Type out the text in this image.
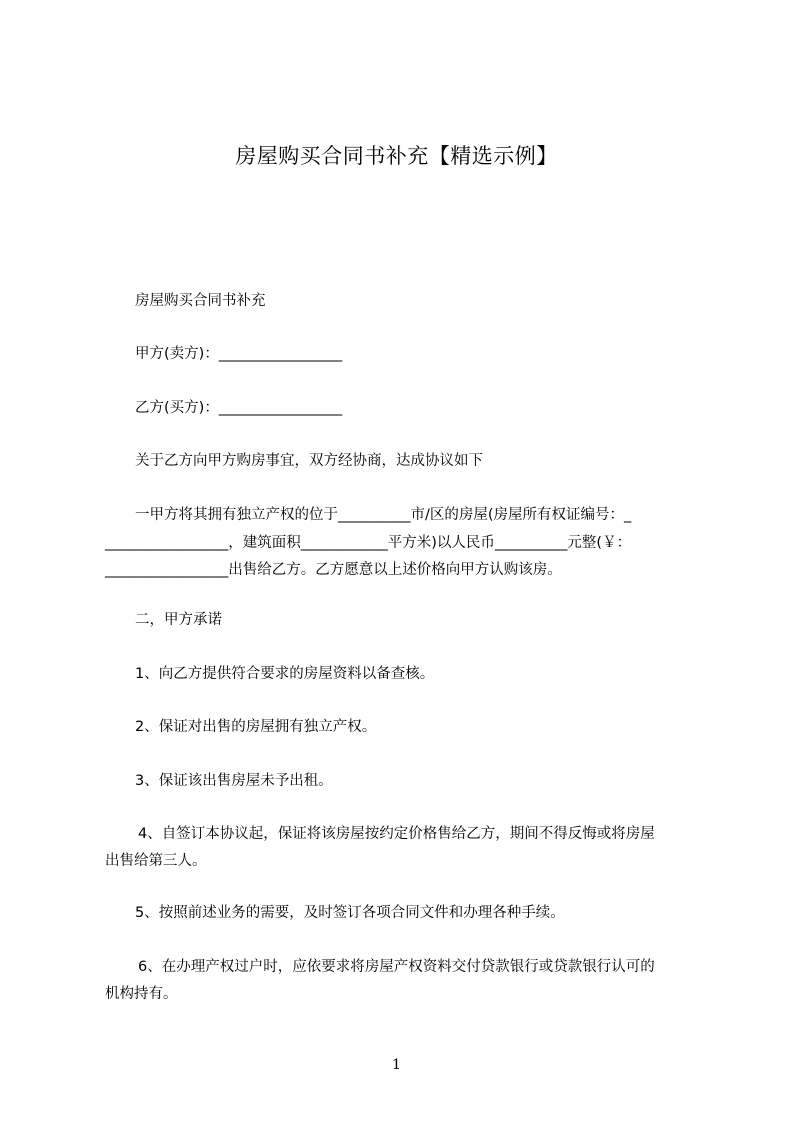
房屋购买合同书补充【精选示例】
房屋购买合同书补充
甲方(卖方)：_________________
乙方(买方)：_________________
关于乙方向甲方购房事宜，双方经协商，达成协议如下
一甲方将其拥有独立产权的位于__________市/区的房屋(房屋所有权证编号：_
_________________，建筑面积____________平方米)以人民币__________元整(￥：
_________________出售给乙方。乙方愿意以上述价格向甲方认购该房。
二，甲方承诺
1、向乙方提供符合要求的房屋资料以备查核。
2、保证对出售的房屋拥有独立产权。
3、保证该出售房屋未予出租。
4、自签订本协议起，保证将该房屋按约定价格售给乙方，期间不得反悔或将房屋
出售给第三人。
5、按照前述业务的需要，及时签订各项合同文件和办理各种手续。
6、在办理产权过户时，应依要求将房屋产权资料交付贷款银行或贷款银行认可的
机构持有。
1
